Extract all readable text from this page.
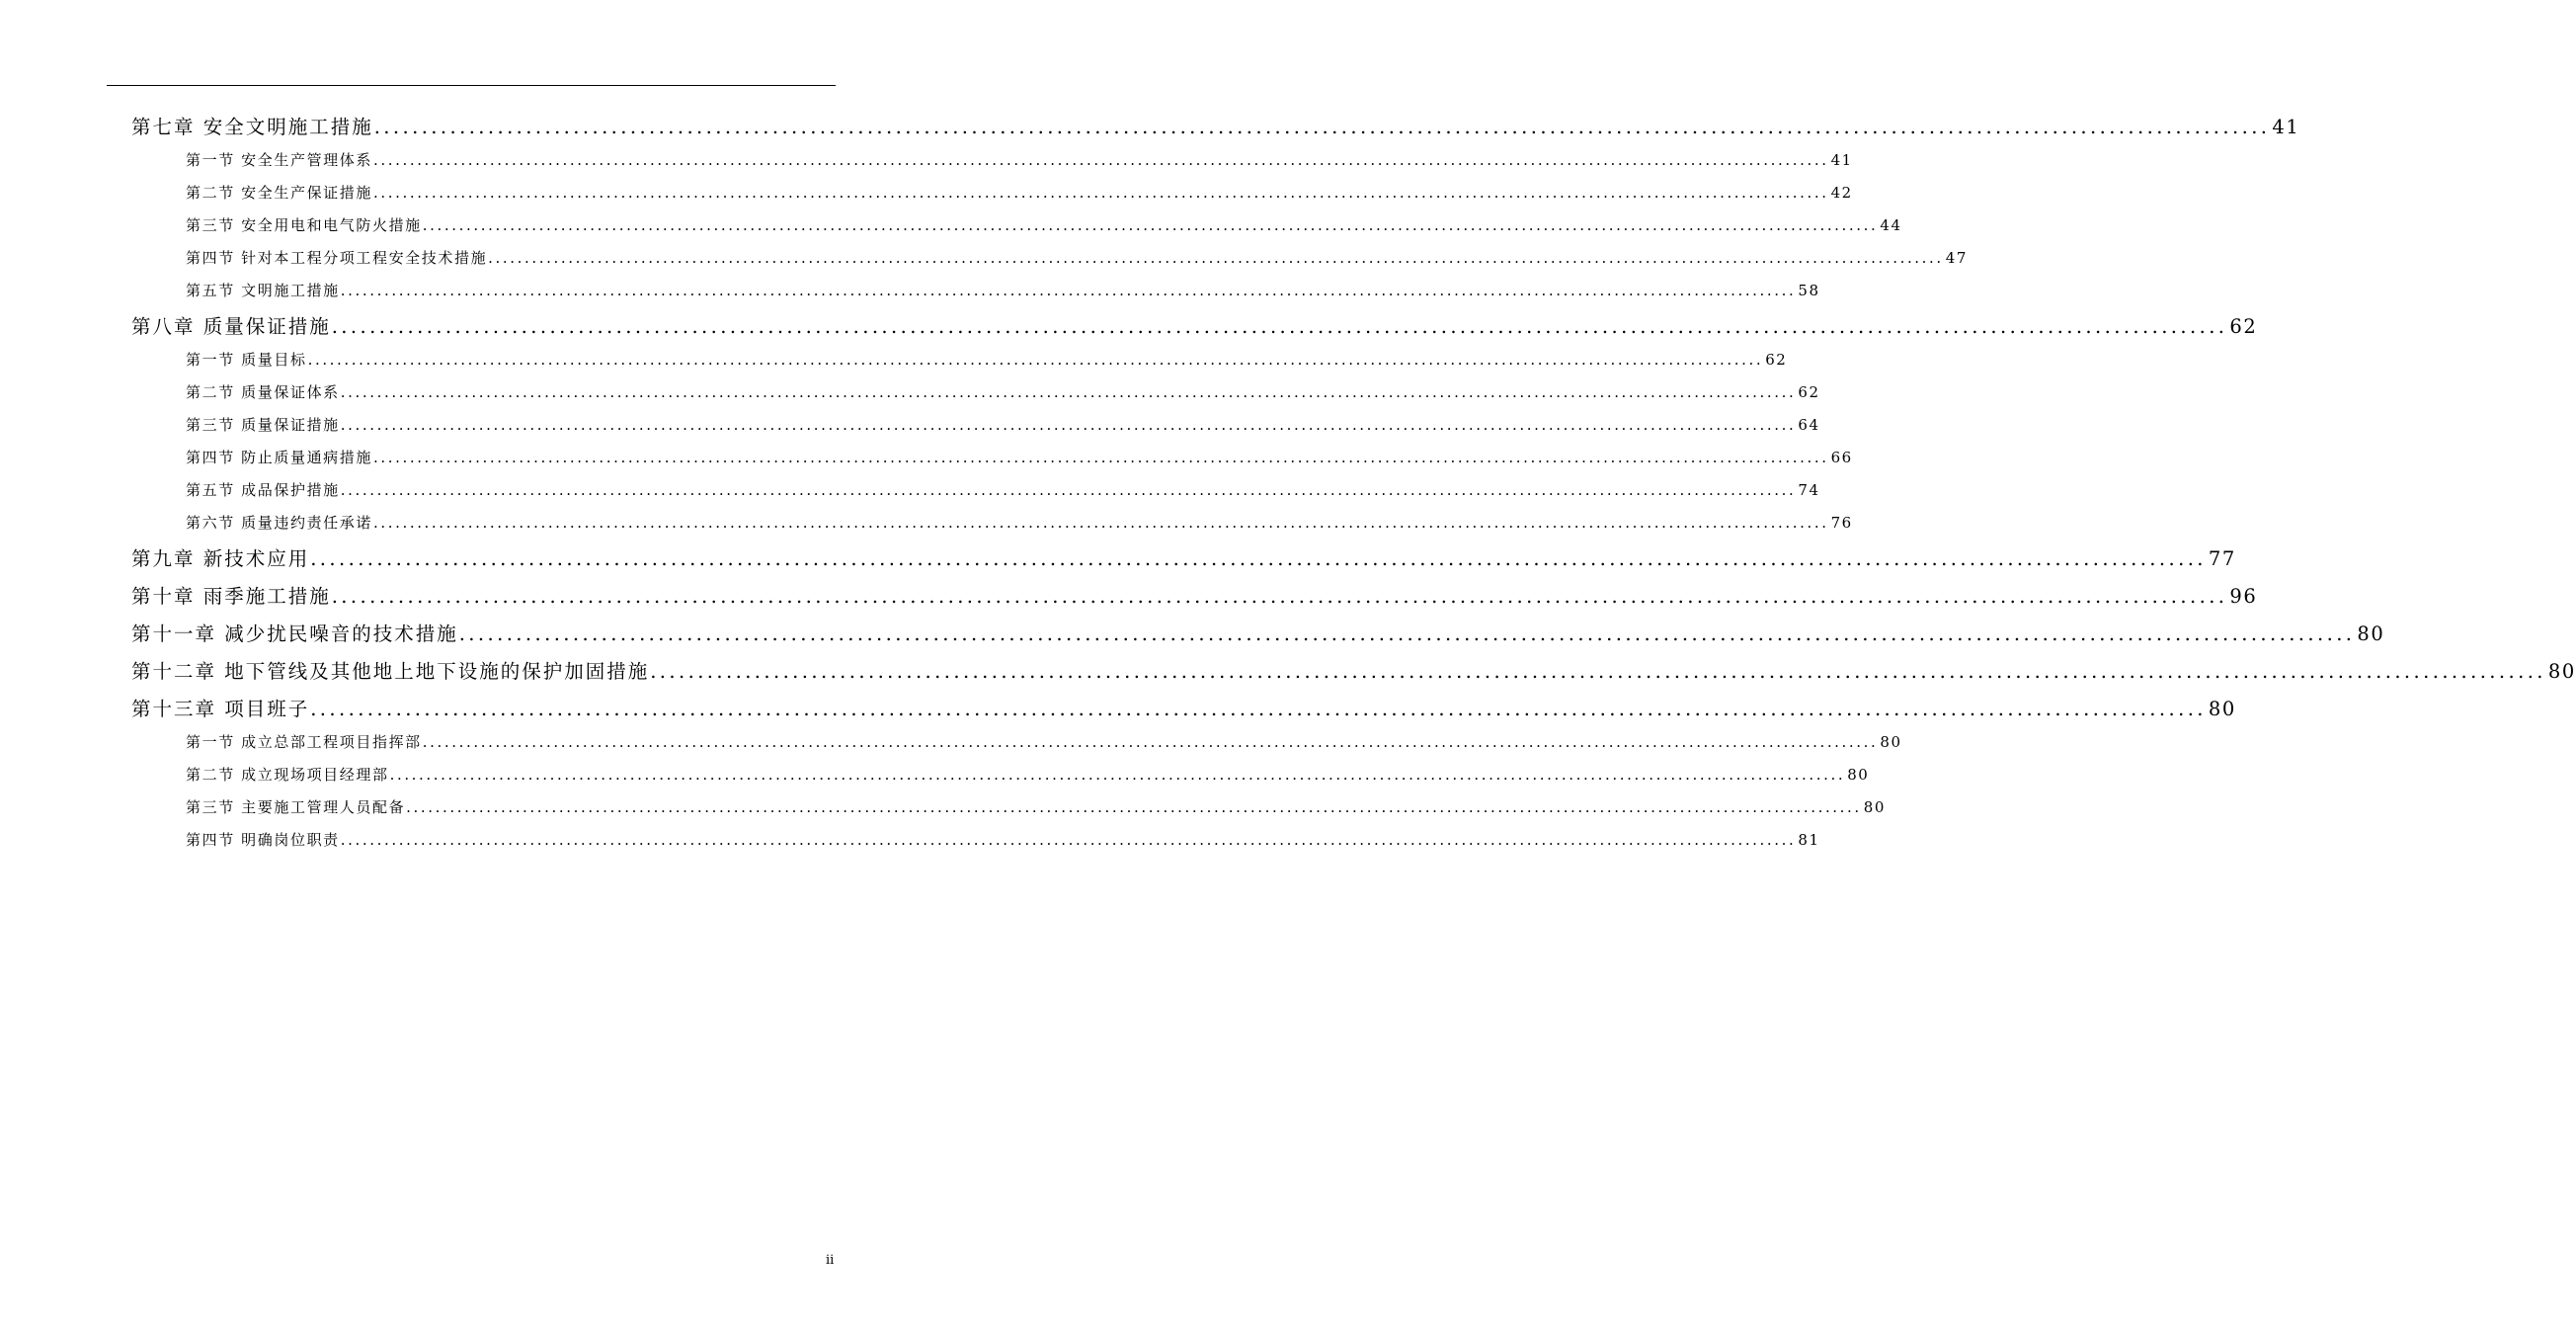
第七章 安全文明施工措施 ........................................................................................................................................................................................................ 41
第一节 安全生产管理体系 ........................................................................................................................................................................................................ 41
第二节 安全生产保证措施 ........................................................................................................................................................................................................ 42
第三节 安全用电和电气防火措施 ........................................................................................................................................................................................................ 44
第四节 针对本工程分项工程安全技术措施 ........................................................................................................................................................................................................ 47
第五节 文明施工措施 ........................................................................................................................................................................................................ 58
第八章 质量保证措施 ........................................................................................................................................................................................................ 62
第一节 质量目标 ........................................................................................................................................................................................................ 62
第二节 质量保证体系 ........................................................................................................................................................................................................ 62
第三节 质量保证措施 ........................................................................................................................................................................................................ 64
第四节 防止质量通病措施 ........................................................................................................................................................................................................ 66
第五节 成品保护措施 ........................................................................................................................................................................................................ 74
第六节 质量违约责任承诺 ........................................................................................................................................................................................................ 76
第九章 新技术应用 ........................................................................................................................................................................................................ 77
第十章 雨季施工措施 ........................................................................................................................................................................................................ 96
第十一章 减少扰民噪音的技术措施 ........................................................................................................................................................................................................ 80
第十二章 地下管线及其他地上地下设施的保护加固措施 ........................................................................................................................................................................................................ 80
第十三章 项目班子 ........................................................................................................................................................................................................ 80
第一节 成立总部工程项目指挥部 ........................................................................................................................................................................................................ 80
第二节 成立现场项目经理部 ........................................................................................................................................................................................................ 80
第三节 主要施工管理人员配备 ........................................................................................................................................................................................................ 80
第四节 明确岗位职责 ........................................................................................................................................................................................................ 81
ii
